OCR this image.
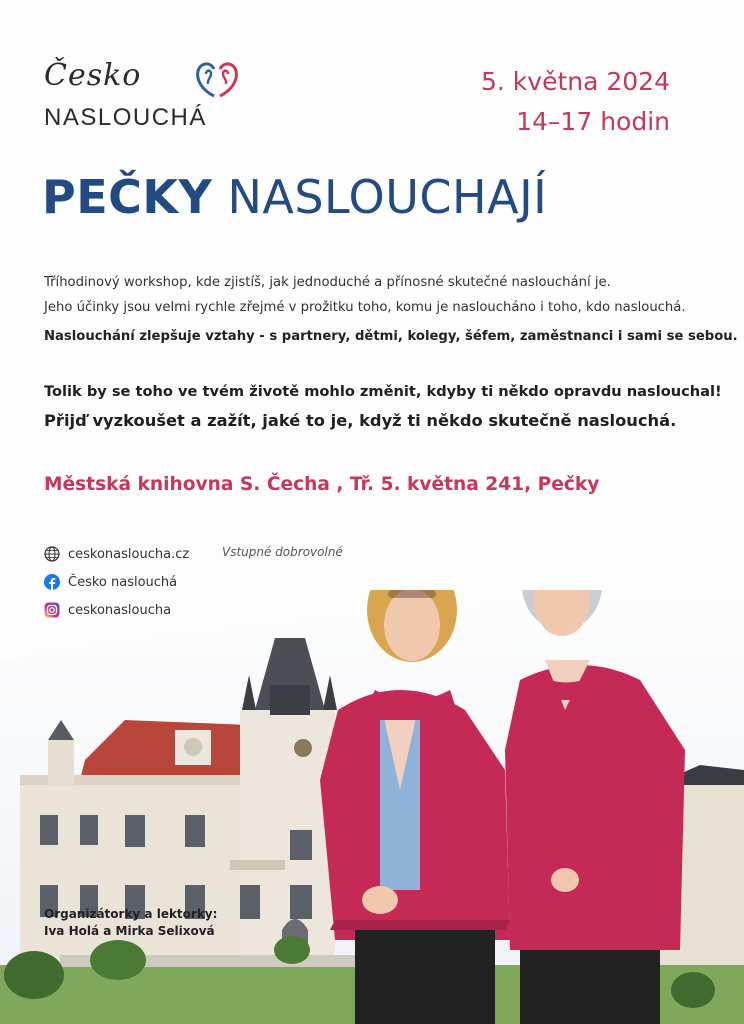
Česko
NASLOUCHÁ
5. května 2024
14–17 hodin
PEČKY NASLOUCHAJÍ

Tříhodinový workshop, kde zjistíš, jak jednoduché a přínosné skutečné naslouchání je.

Jeho účinky jsou velmi rychle zřejmé v prožitku toho, komu je nasloucháno i toho, kdo naslouchá.

Naslouchání zlepšuje vztahy - s partnery, dětmi, kolegy, šéfem, zaměstnanci i sami se sebou.

Tolik by se toho ve tvém životě mohlo změnit, kdyby ti někdo opravdu naslouchal!

Přijď vyzkoušet a zažít, jaké to je, když ti někdo skutečně naslouchá.

Městská knihovna S. Čecha , Tř. 5. května 241, Pečky
ceskonaslouchа.cz
Česko naslouchá
ceskonaslouchа
Vstupné dobrovolné

Organizátorky a lektorky:

Iva Holá a Mirka Selixová
